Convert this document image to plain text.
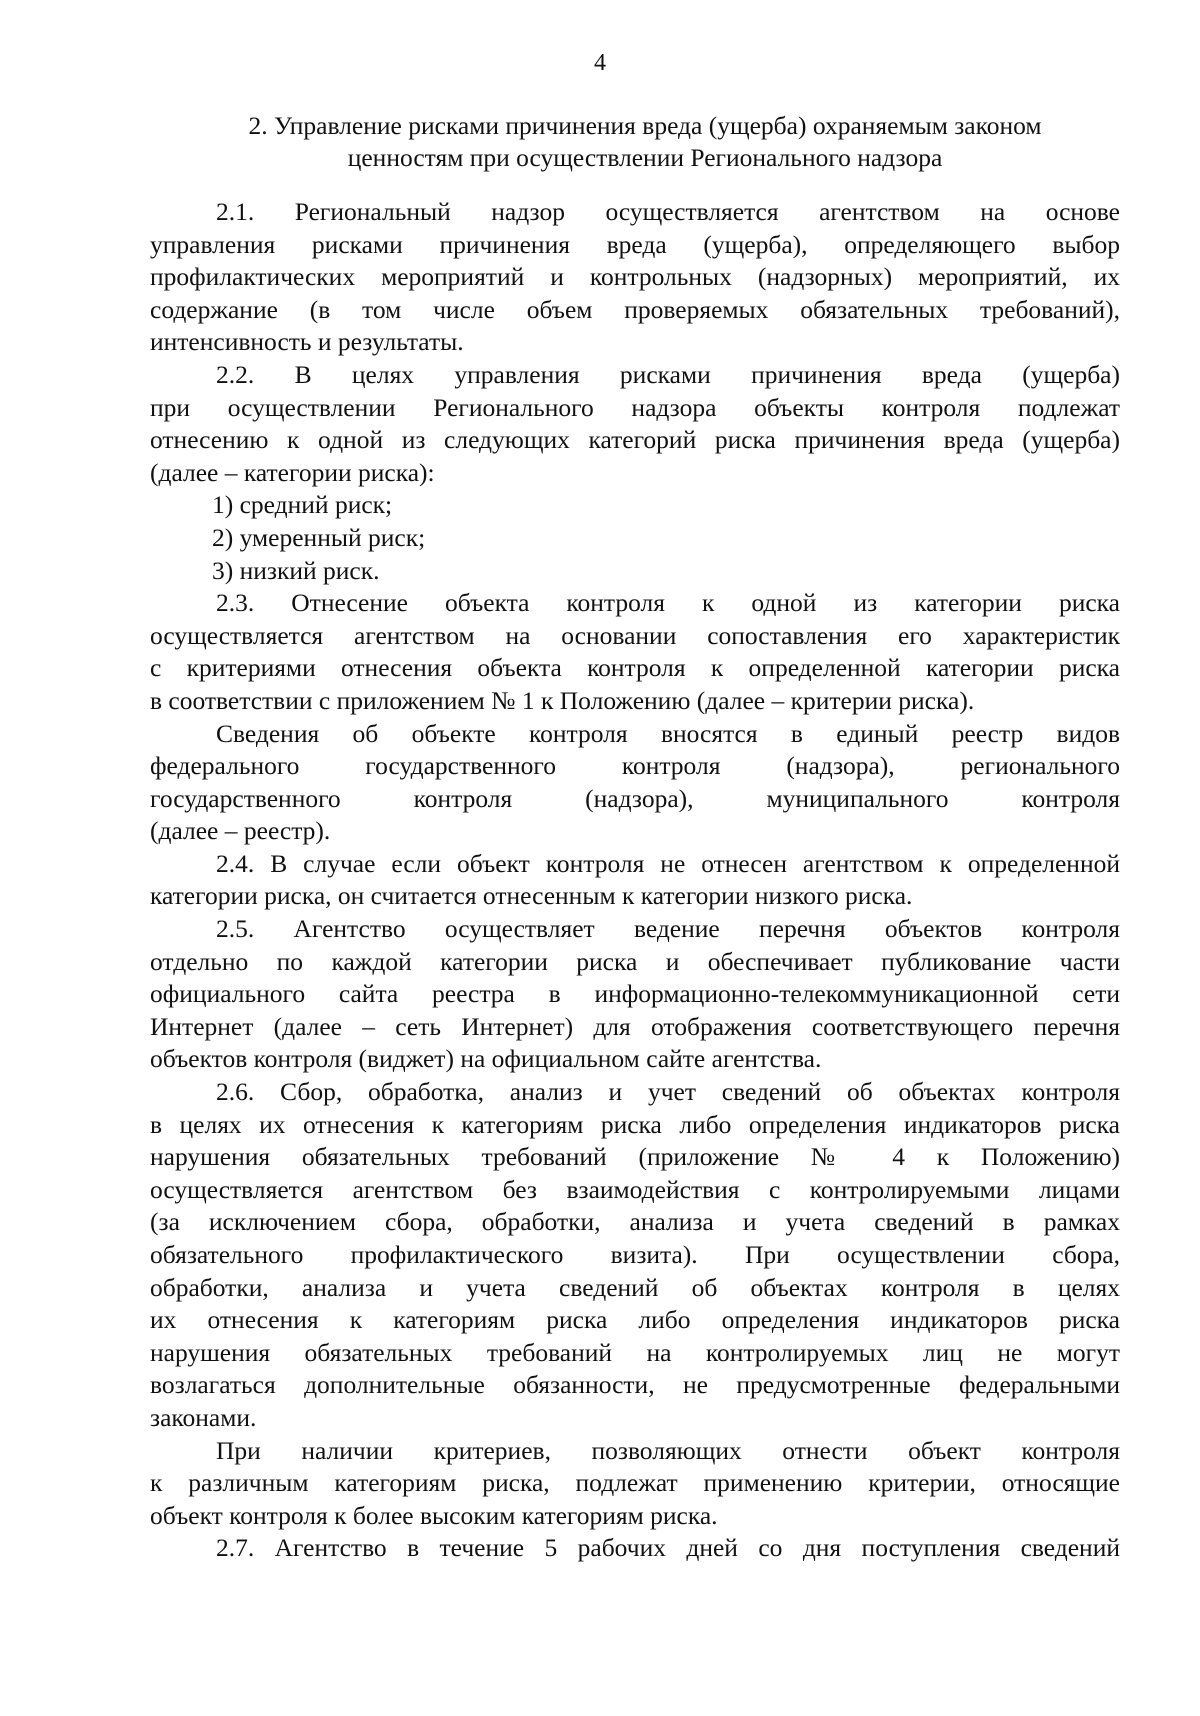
4
2. Управление рисками причинения вреда (ущерба) охраняемым законом
ценностям при осуществлении Регионального надзора
2.1. Региональный надзор осуществляется агентством на основе
управления рисками причинения вреда (ущерба), определяющего выбор
профилактических мероприятий и контрольных (надзорных) мероприятий, их
содержание (в том числе объем проверяемых обязательных требований),
интенсивность и результаты.
2.2. В целях управления рисками причинения вреда (ущерба)
при осуществлении Регионального надзора объекты контроля подлежат
отнесению к одной из следующих категорий риска причинения вреда (ущерба)
(далее – категории риска):
1) средний риск;
2) умеренный риск;
3) низкий риск.
2.3. Отнесение объекта контроля к одной из категории риска
осуществляется агентством на основании сопоставления его характеристик
с критериями отнесения объекта контроля к определенной категории риска
в соответствии с приложением № 1 к Положению (далее – критерии риска).
Сведения об объекте контроля вносятся в единый реестр видов
федерального государственного контроля (надзора), регионального
государственного контроля (надзора), муниципального контроля
(далее – реестр).
2.4. В случае если объект контроля не отнесен агентством к определенной
категории риска, он считается отнесенным к категории низкого риска.
2.5. Агентство осуществляет ведение перечня объектов контроля
отдельно по каждой категории риска и обеспечивает публикование части
официального сайта реестра в информационно-телекоммуникационной сети
Интернет (далее – сеть Интернет) для отображения соответствующего перечня
объектов контроля (виджет) на официальном сайте агентства.
2.6. Сбор, обработка, анализ и учет сведений об объектах контроля
в целях их отнесения к категориям риска либо определения индикаторов риска
нарушения обязательных требований (приложение № 4 к Положению)
осуществляется агентством без взаимодействия с контролируемыми лицами
(за исключением сбора, обработки, анализа и учета сведений в рамках
обязательного профилактического визита). При осуществлении сбора,
обработки, анализа и учета сведений об объектах контроля в целях
их отнесения к категориям риска либо определения индикаторов риска
нарушения обязательных требований на контролируемых лиц не могут
возлагаться дополнительные обязанности, не предусмотренные федеральными
законами.
При наличии критериев, позволяющих отнести объект контроля
к различным категориям риска, подлежат применению критерии, относящие
объект контроля к более высоким категориям риска.
2.7. Агентство в течение 5 рабочих дней со дня поступления сведений
